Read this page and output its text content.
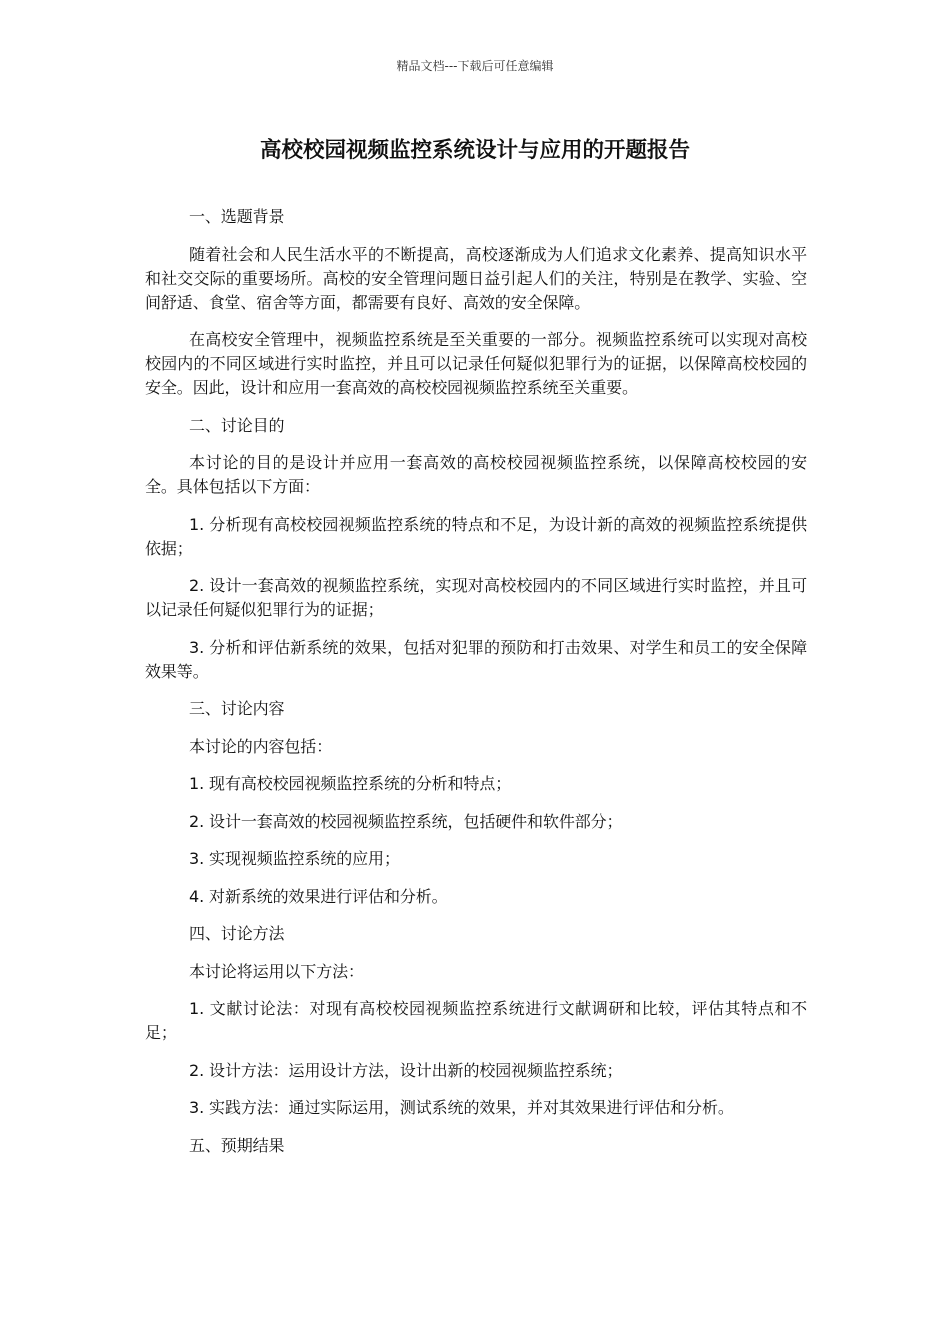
精品文档---下载后可任意编辑
高校校园视频监控系统设计与应用的开题报告

一、选题背景

随着社会和人民生活水平的不断提高，高校逐渐成为人们追求文化素养、提高知识水平和社交交际的重要场所。高校的安全管理问题日益引起人们的关注，特别是在教学、实验、空间舒适、食堂、宿舍等方面，都需要有良好、高效的安全保障。

在高校安全管理中，视频监控系统是至关重要的一部分。视频监控系统可以实现对高校校园内的不同区域进行实时监控，并且可以记录任何疑似犯罪行为的证据，以保障高校校园的安全。因此，设计和应用一套高效的高校校园视频监控系统至关重要。

二、讨论目的

本讨论的目的是设计并应用一套高效的高校校园视频监控系统，以保障高校校园的安全。具体包括以下方面：

1. 分析现有高校校园视频监控系统的特点和不足，为设计新的高效的视频监控系统提供依据；

2. 设计一套高效的视频监控系统，实现对高校校园内的不同区域进行实时监控，并且可以记录任何疑似犯罪行为的证据；

3. 分析和评估新系统的效果，包括对犯罪的预防和打击效果、对学生和员工的安全保障效果等。

三、讨论内容

本讨论的内容包括：

1. 现有高校校园视频监控系统的分析和特点；

2. 设计一套高效的校园视频监控系统，包括硬件和软件部分；

3. 实现视频监控系统的应用；

4. 对新系统的效果进行评估和分析。

四、讨论方法

本讨论将运用以下方法：

1. 文献讨论法：对现有高校校园视频监控系统进行文献调研和比较，评估其特点和不足；

2. 设计方法：运用设计方法，设计出新的校园视频监控系统；

3. 实践方法：通过实际运用，测试系统的效果，并对其效果进行评估和分析。

五、预期结果
